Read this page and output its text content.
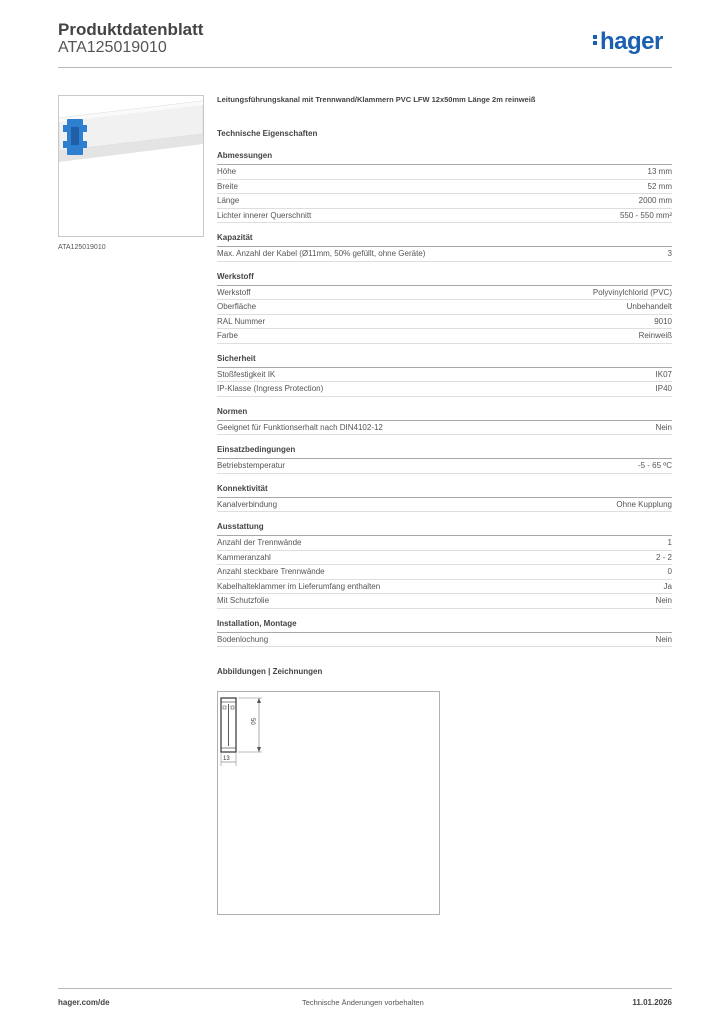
Produktdatenblatt
ATA125019010	hager
ATA125019010
Leitungsführungskanal mit Trennwand/Klammern PVC LFW 12x50mm Länge 2m reinweiß
Technische Eigenschaften
Abmessungen
Höhe	13 mm
Breite	52 mm
Länge	2000 mm
Lichter innerer Querschnitt	550 - 550 mm²
Kapazität
Max. Anzahl der Kabel (Ø11mm, 50% gefüllt, ohne Geräte)	3
Werkstoff
Werkstoff	Polyvinylchlorid (PVC)
Oberfläche	Unbehandelt
RAL Nummer	9010
Farbe	Reinweiß
Sicherheit
Stoßfestigkeit IK	IK07
IP-Klasse (Ingress Protection)	IP40
Normen
Geeignet für Funktionserhalt nach DIN4102-12	Nein
Einsatzbedingungen
Betriebstemperatur	-5 - 65 ºC
Konnektivität
Kanalverbindung	Ohne Kupplung
Ausstattung
Anzahl der Trennwände	1
Kammeranzahl	2 - 2
Anzahl steckbare Trennwände	0
Kabelhalteklammer im Lieferumfang enthalten	Ja
Mit Schutzfolie	Nein
Installation, Montage
Bodenlochung	Nein
Abbildungen | Zeichnungen
50
13
hager.com/de	Technische Änderungen vorbehalten	11.01.2026
